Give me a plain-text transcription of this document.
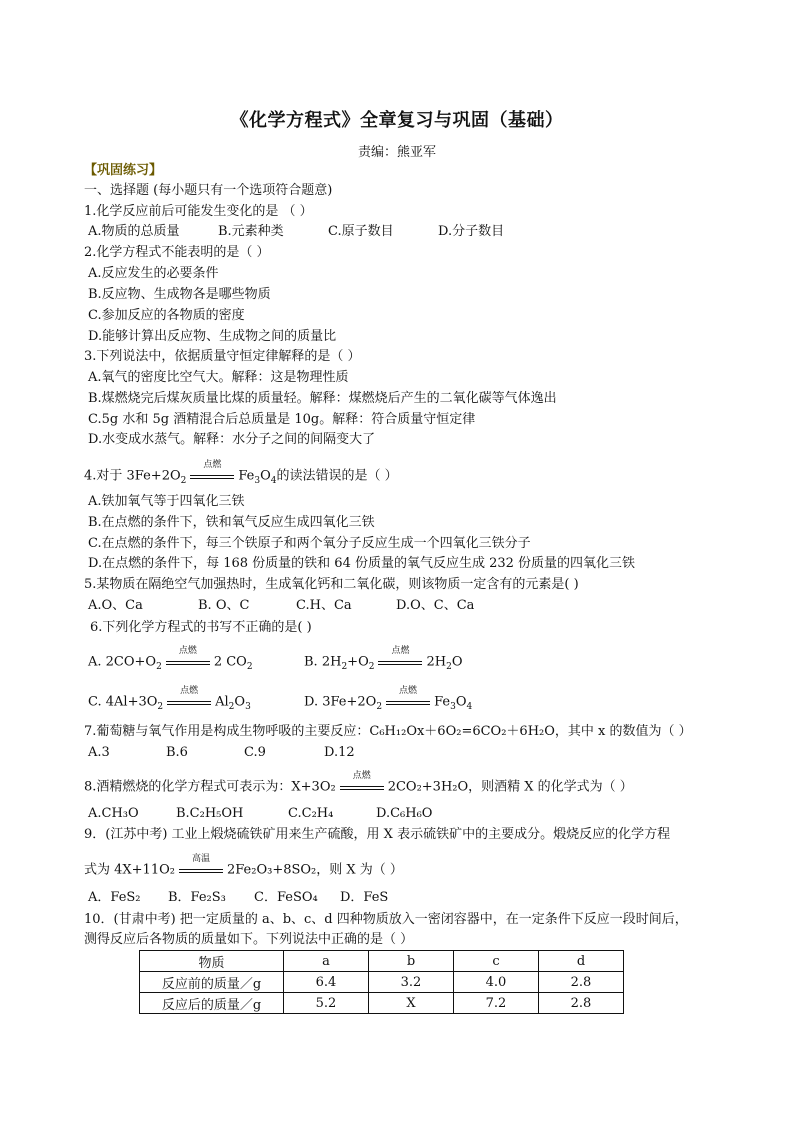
《化学方程式》全章复习与巩固（基础）
责编：熊亚军
【巩固练习】
一、选择题 (每小题只有一个选项符合题意)
1.化学反应前后可能发生变化的是 （ ）
A.物质的总质量	B.元素种类	C.原子数目	D.分子数目
2.化学方程式不能表明的是（ ）
A.反应发生的必要条件
B.反应物、生成物各是哪些物质
C.参加反应的各物质的密度
D.能够计算出反应物、生成物之间的质量比
3.下列说法中，依据质量守恒定律解释的是（ ）
A.氧气的密度比空气大。解释：这是物理性质
B.煤燃烧完后煤灰质量比煤的质量轻。解释：煤燃烧后产生的二氧化碳等气体逸出
C.5g 水和 5g 酒精混合后总质量是 10g。解释：符合质量守恒定律
D.水变成水蒸气。解释：水分子之间的间隔变大了
4.对于 $3Fe+2O_2$
点燃
$Fe_3O_4$的读法错误的是（ ）
A.铁加氧气等于四氧化三铁
B.在点燃的条件下，铁和氧气反应生成四氧化三铁
C.在点燃的条件下，每三个铁原子和两个氧分子反应生成一个四氧化三铁分子
D.在点燃的条件下，每 168 份质量的铁和 64 份质量的氧气反应生成 232 份质量的四氧化三铁
5.某物质在隔绝空气加强热时，生成氧化钙和二氧化碳，则该物质一定含有的元素是( )
A.O、Ca	B. O、C	C.H、Ca	D.O、C、Ca
6.下列化学方程式的书写不正确的是( )
A. $2CO+O_2$
点燃
2 $CO_2$	B. $2H_2+O_2$
点燃
$2H_2O$
C. $4Al+3O_2$
点燃
$Al_2O_3$	D. $3Fe+2O_2$
点燃
$Fe_3O_4$
7.葡萄糖与氧气作用是构成生物呼吸的主要反应：C₆H₁₂Ox＋6O₂=6CO₂＋6H₂O，其中 x 的数值为（ ）
A.3	B.6	C.9	D.12
8.酒精燃烧的化学方程式可表示为：X+3O₂
点燃
2CO₂+3H₂O，则酒精 X 的化学式为（ ）
A.CH₃O	B.C₂H₅OH	C.C₂H₄	D.C₆H₆O
9．(江苏中考) 工业上煅烧硫铁矿用来生产硫酸，用 X 表示硫铁矿中的主要成分。煅烧反应的化学方程
式为 4X+11O₂
高温
2Fe₂O₃+8SO₂，则 X 为（ ）
A．FeS₂ B．Fe₂S₃ C．FeSO₄ D．FeS
10．(甘肃中考) 把一定质量的 a、b、c、d 四种物质放入一密闭容器中，在一定条件下反应一段时间后，
测得反应后各物质的质量如下。下列说法中正确的是（ ）
物质	a	b	c	d
反应前的质量／g	6.4	3.2	4.0	2.8
反应后的质量／g	5.2	X	7.2	2.8
